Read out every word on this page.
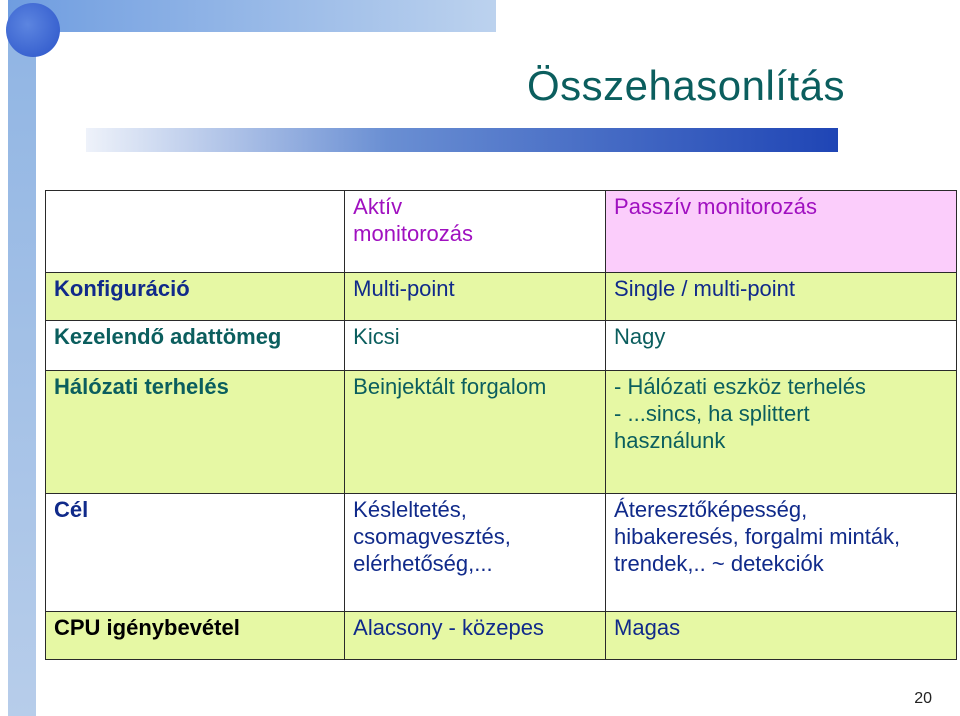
Összehasonlítás

	Aktív
monitorozás	Passzív monitorozás
Konfiguráció	Multi-point	Single / multi-point

Kezelendő adattömeg	Kicsi	Nagy

Hálózati terhelés	Beinjektált forgalom	- Hálózati eszköz terhelés
- ...sincs, ha splittert
használunk

Cél	Késleltetés,
csomagvesztés,
elérhetőség,...	Áteresztőképesség,
hibakeresés, forgalmi minták,
trendek,.. ~ detekciók

CPU igénybevétel	Alacsony - közepes	Magas
20
